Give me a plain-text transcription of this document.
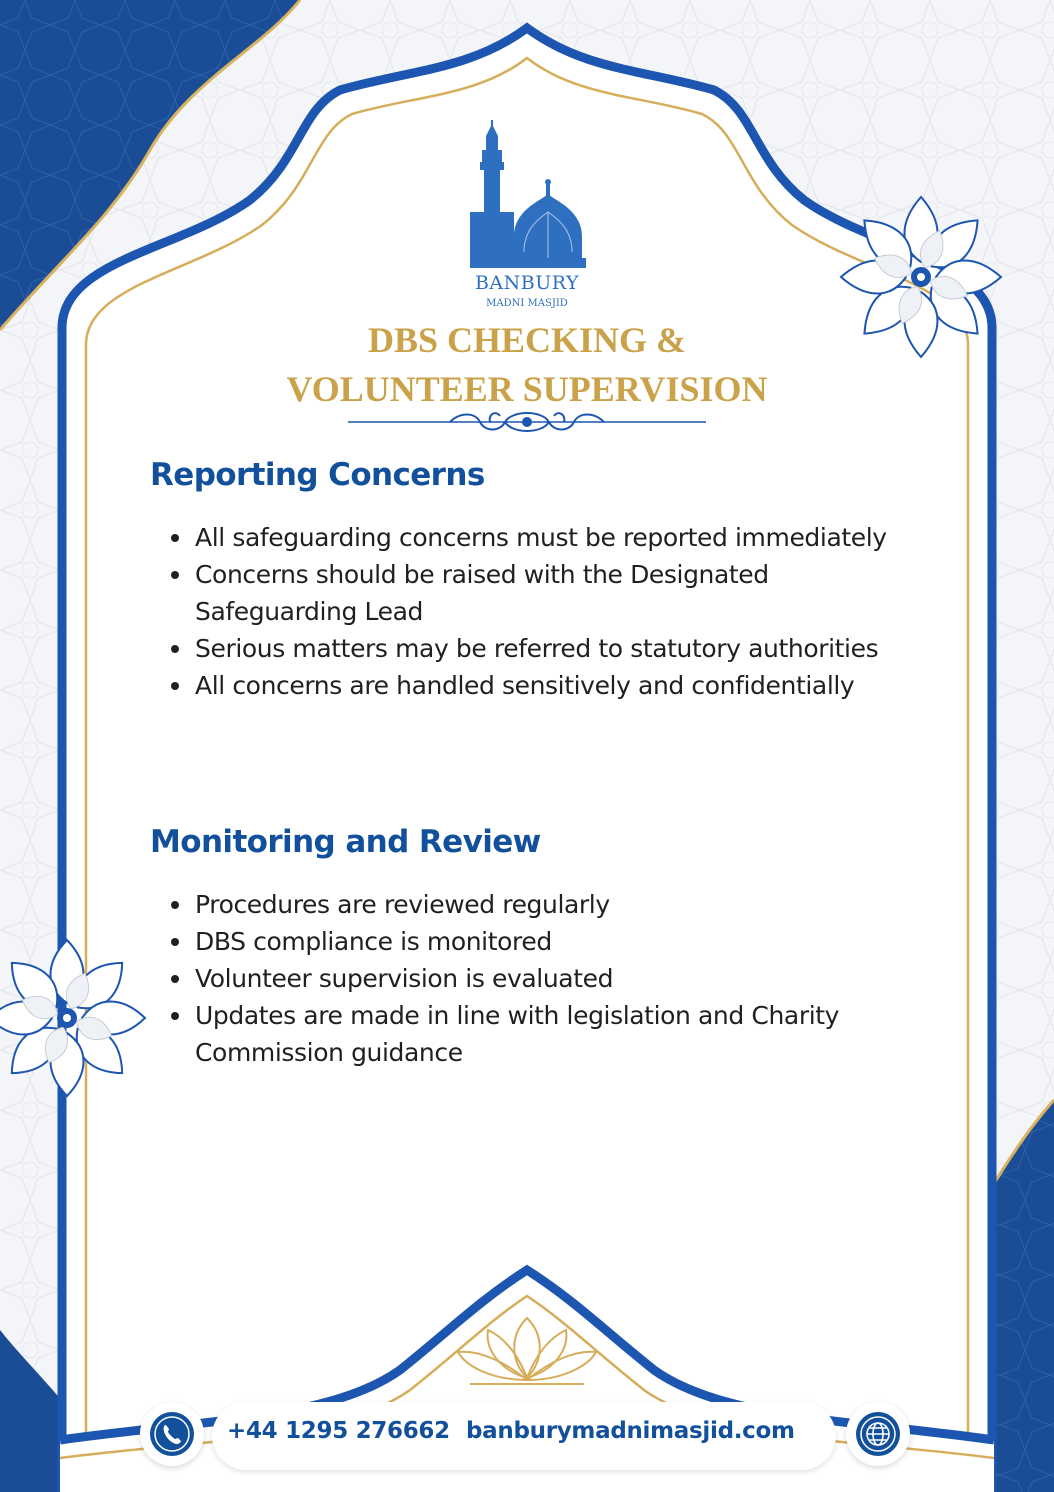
BANBURY
MADNI MASJID
DBS CHECKING &
VOLUNTEER SUPERVISION
Reporting Concerns
All safeguarding concerns must be reported immediately
Concerns should be raised with the Designated Safeguarding Lead
Serious matters may be referred to statutory authorities
All concerns are handled sensitively and confidentially
Monitoring and Review
Procedures are reviewed regularly
DBS compliance is monitored
Volunteer supervision is evaluated
Updates are made in line with legislation and Charity Commission guidance
+44 1295 276662 banburymadnimasjid.com
